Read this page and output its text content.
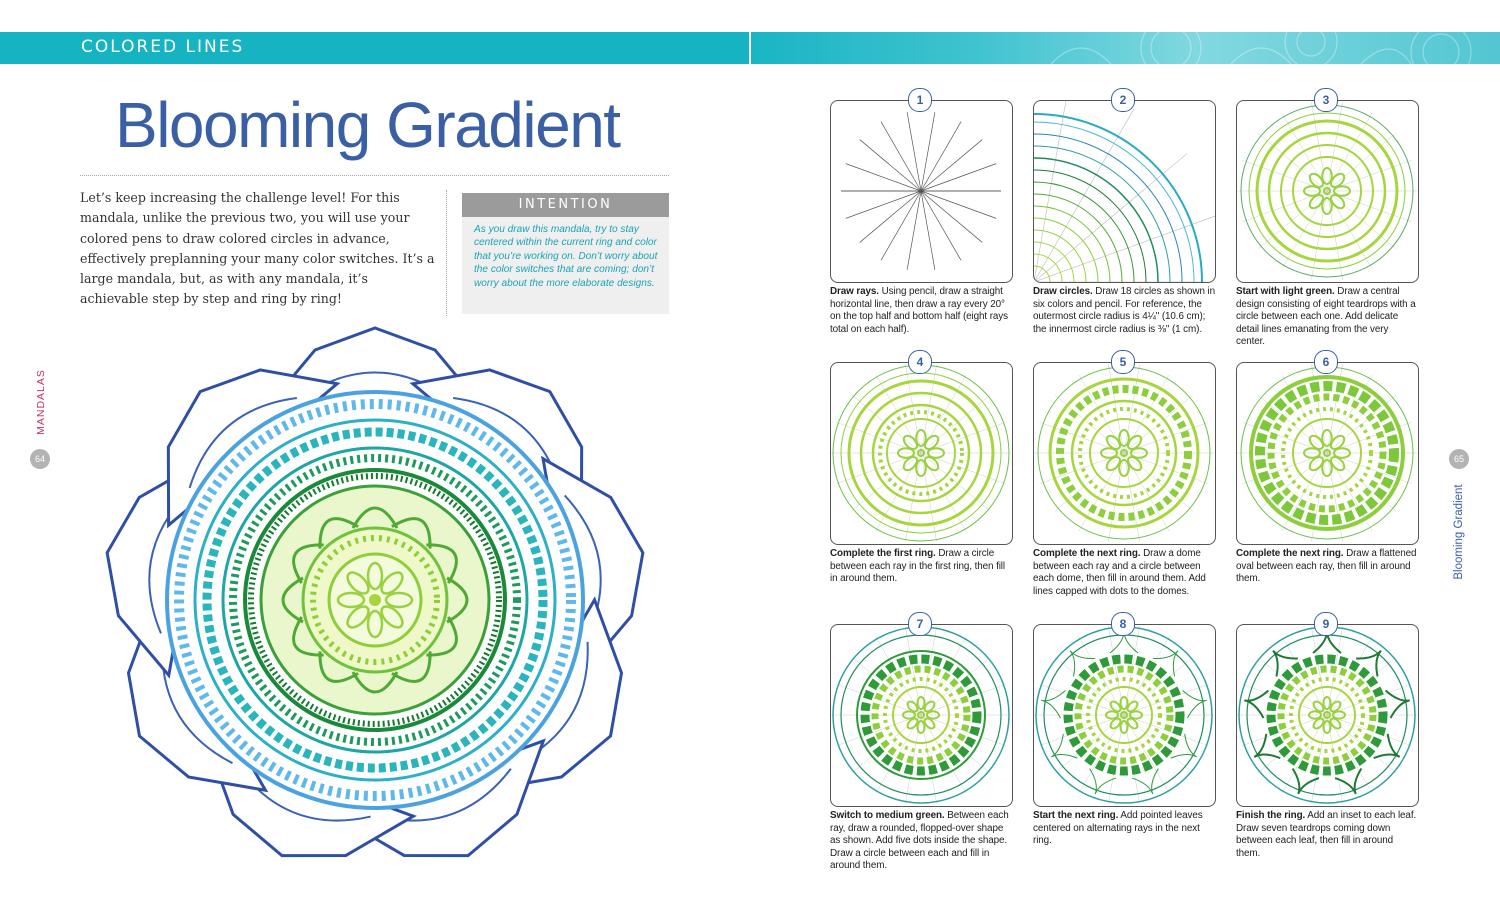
COLORED LINES
Blooming Gradient
Let’s keep increasing the challenge level! For this mandala, unlike the previous two, you will use your colored pens to draw colored circles in advance, effectively preplanning your many color switches. It’s a large mandala, but, as with any mandala, it’s achievable step by step and ring by ring!
INTENTION
As you draw this mandala, try to stay centered within the current ring and color that you’re working on. Don’t worry about the color switches that are coming; don’t worry about the more elaborate designs.
MANDALAS
64
Blooming Gradient
65
1
Draw rays. Using pencil, draw a straight horizontal line, then draw a ray every 20° on the top half and bottom half (eight rays total on each half).
2
Draw circles. Draw 18 circles as shown in six colors and pencil. For reference, the outermost circle radius is 4¼" (10.6 cm); the innermost circle radius is ⅜" (1 cm).
3
Start with light green. Draw a central design consisting of eight teardrops with a circle between each one. Add delicate detail lines emanating from the very center.
4
Complete the first ring. Draw a circle between each ray in the first ring, then fill in around them.
5
Complete the next ring. Draw a dome between each ray and a circle between each dome, then fill in around them. Add lines capped with dots to the domes.
6
Complete the next ring. Draw a flattened oval between each ray, then fill in around them.
7
Switch to medium green. Between each ray, draw a rounded, flopped-over shape as shown. Add five dots inside the shape. Draw a circle between each and fill in around them.
8
Start the next ring. Add pointed leaves centered on alternating rays in the next ring.
9
Finish the ring. Add an inset to each leaf. Draw seven teardrops coming down between each leaf, then fill in around them.
